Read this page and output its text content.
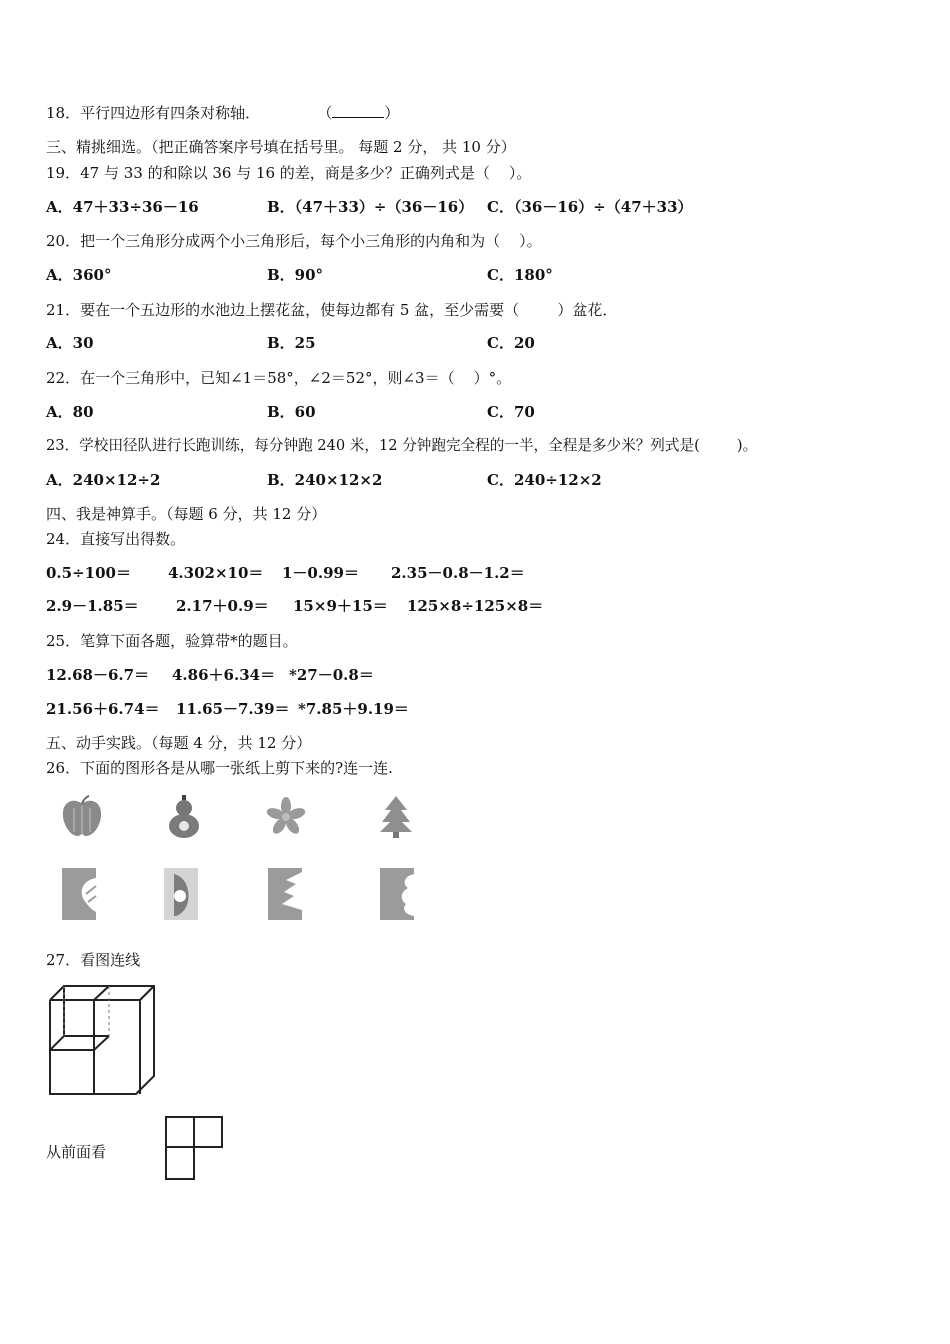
18．平行四边形有四条对称轴．	（	）
三、精挑细选。（把正确答案序号填在括号里。 每题 2 分， 共 10 分）
19．47 与 33 的和除以 36 与 16 的差，商是多少？正确列式是（    ）。
A．47＋33÷36－16	B．（47＋33）÷（36－16） C．（36－16）÷（47＋33）
20．把一个三角形分成两个小三角形后，每个小三角形的内角和为（    ）。
A．360°	B．90°	C．180°
21．要在一个五边形的水池边上摆花盆，使每边都有 5 盆，至少需要（        ）盆花．
A．30	B．25	C．20
22．在一个三角形中，已知∠1＝58°，∠2＝52°，则∠3＝（    ）°。
A．80	B．60	C．70
23．学校田径队进行长跑训练，每分钟跑 240 米，12 分钟跑完全程的一半，全程是多少米？列式是(        )。
A．240×12÷2	B．240×12×2	C．240÷12×2
四、我是神算手。（每题 6 分，共 12 分）
24．直接写出得数。
0.5÷100＝ 4.302×10＝ 1－0.99＝ 2.35－0.8－1.2＝
2.9－1.85＝ 2.17＋0.9＝ 15×9＋15＝ 125×8÷125×8＝
25．笔算下面各题，验算带*的题目。
12.68－6.7＝ 4.86＋6.34＝ *27－0.8＝
21.56＋6.74＝ 11.65－7.39＝ *7.85＋9.19＝
五、动手实践。（每题 4 分，共 12 分）
26．下面的图形各是从哪一张纸上剪下来的?连一连.
27．看图连线
从前面看
